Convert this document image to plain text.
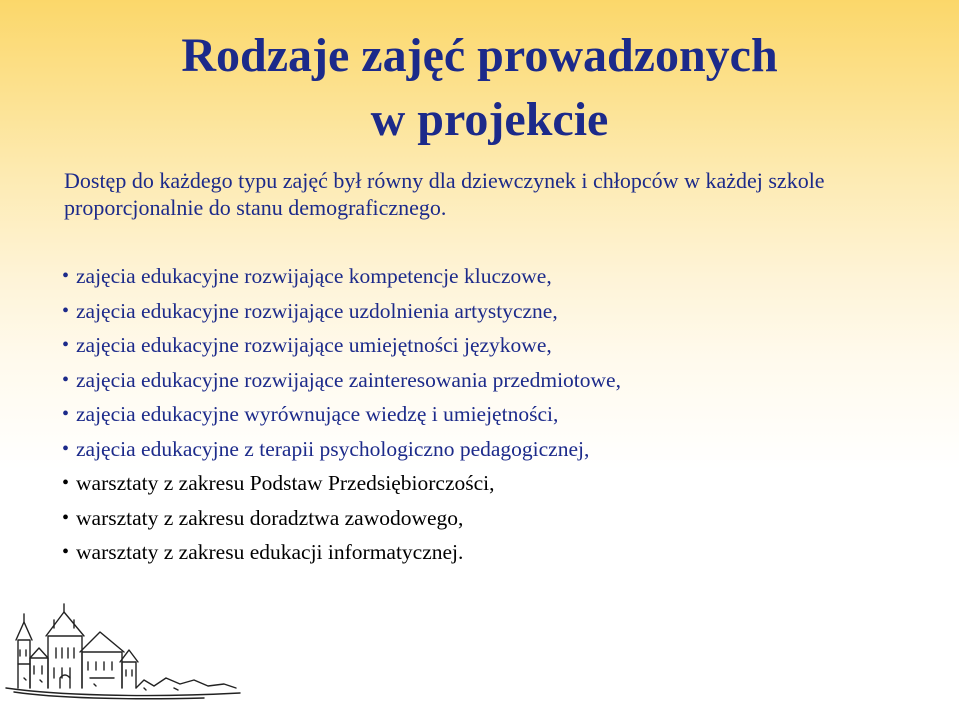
Rodzaje zajęć prowadzonych
w projekcie

Dostęp do każdego typu zajęć był równy dla dziewczynek i chłopców w każdej szkole proporcjonalnie do stanu demograficznego.

• zajęcia edukacyjne rozwijające kompetencje kluczowe,
• zajęcia edukacyjne rozwijające uzdolnienia artystyczne,
• zajęcia edukacyjne rozwijające umiejętności językowe,
• zajęcia edukacyjne rozwijające zainteresowania przedmiotowe,
• zajęcia edukacyjne wyrównujące wiedzę i umiejętności,
• zajęcia edukacyjne z terapii psychologiczno pedagogicznej,
• warsztaty z zakresu Podstaw Przedsiębiorczości,
• warsztaty z zakresu doradztwa zawodowego,
• warsztaty z zakresu edukacji informatycznej.
